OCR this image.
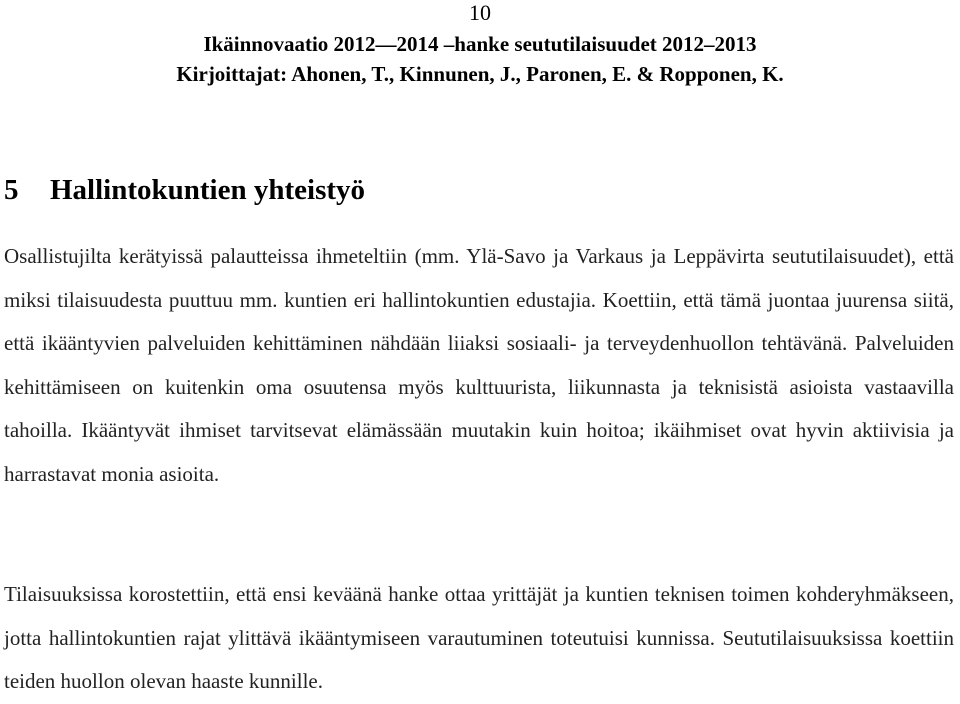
10
Ikäinnovaatio 2012—2014 –hanke seututilaisuudet 2012–2013
Kirjoittajat: Ahonen, T., Kinnunen, J., Paronen, E. & Ropponen, K.
5 Hallintokuntien yhteistyö

Osallistujilta kerätyissä palautteissa ihmeteltiin (mm. Ylä-Savo ja Varkaus ja Leppävirta seututilaisuudet), että miksi tilaisuudesta puuttuu mm. kuntien eri hallintokuntien edustajia. Koettiin, että tämä juontaa juurensa siitä, että ikääntyvien palveluiden kehittäminen nähdään liiaksi sosiaali- ja terveydenhuollon tehtävänä. Palveluiden kehittämiseen on kuitenkin oma osuutensa myös kulttuurista, liikunnasta ja teknisistä asioista vastaavilla tahoilla. Ikääntyvät ihmiset tarvitsevat elämässään muutakin kuin hoitoa; ikäihmiset ovat hyvin aktiivisia ja harrastavat monia asioita.

Tilaisuuksissa korostettiin, että ensi keväänä hanke ottaa yrittäjät ja kuntien teknisen toimen kohderyhmäkseen, jotta hallintokuntien rajat ylittävä ikääntymiseen varautuminen toteutuisi kunnissa. Seututilaisuuksissa koettiin teiden huollon olevan haaste kunnille.
